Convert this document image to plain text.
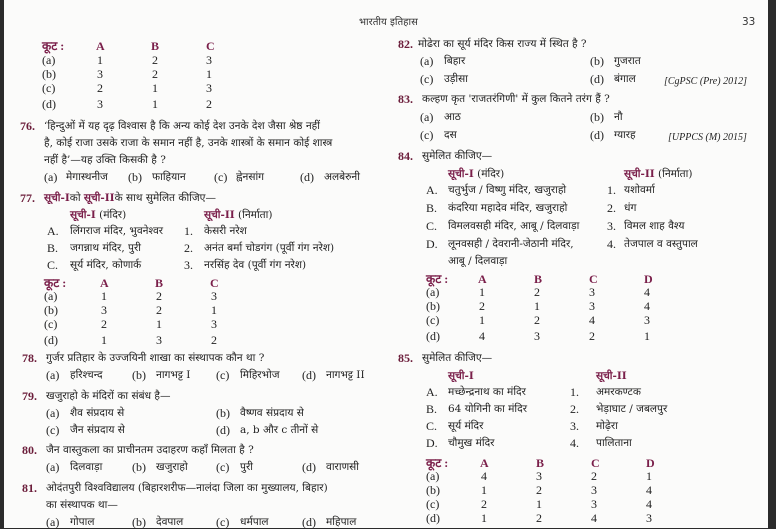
भारतीय इतिहास	33
कूट :	A	B	C
(a)	1	2	3
(b)	3	2	1
(c)	2	1	3
(d)	3	1	2
76. ‘हिन्दुओं में यह दृढ़ विश्वास है कि अन्य कोई देश उनके देश जैसा श्रेष्ठ नहीं
है, कोई राजा उसके राजा के समान नहीं है, उनके शास्त्रों के समान कोई शास्त्र
नहीं है’—यह उक्ति किसकी है ?
(a) मेगास्थनीज (b) फाहियान (c) ह्वेनसांग	(d) अलबेरुनी
77. सूची-Iको सूची-IIके साथ सुमेलित कीजिए—
सूची-I (मंदिर)	सूची-II (निर्माता)
A. लिंगराज मंदिर, भुवनेश्वर 1. केसरी नरेश
B. जगन्नाथ मंदिर, पुरी	2. अनंत बर्मा चोडगंग (पूर्वी गंग नरेश)
C. सूर्य मंदिर, कोणार्क	3. नरसिंह देव (पूर्वी गंग नरेश)
कूट :	A	B	C
(a)	1	2	3
(b)	3	2	1
(c)	2	1	3
(d)	1	3	2
78. गुर्जर प्रतिहार के उज्जयिनी शाखा का संस्थापक कौन था ?
(a) हरिश्चन्द (b) नागभट्ट I (c) मिहिरभोज (d) नागभट्ट II
79. खजुराहो के मंदिरों का संबंध है—
(a) शैव संप्रदाय से	(b) वैष्णव संप्रदाय से
(c) जैन संप्रदाय से	(d) a, b और c तीनों से
80. जैन वास्तुकला का प्राचीनतम उदाहरण कहाँ मिलता है ?
(a) दिलवाड़ा (b) खजुराहो (c) पुरी	(d) वाराणसी
81. ओदंतपुरी विश्वविद्यालय (बिहारशरीफ—नालंदा जिला का मुख्यालय, बिहार)
का संस्थापक था—
(a) गोपाल	(b) देवपाल	(c) धर्मपाल	(d) महिपाल
82. मोढेरा का सूर्य मंदिर किस राज्य में स्थित है ?
(a) बिहार	(b) गुजरात
(c) उड़ीसा	(d) बंगाल	[CgPSC (Pre) 2012]
83. कल्हण कृत 'राजतरंगिणी' में कुल कितने तरंग हैं ?
(a) आठ	(b) नौ
(c) दस	(d) ग्यारह	[UPPCS (M) 2015]
84. सुमेलित कीजिए—
सूची-I (मंदिर)	सूची-II (निर्माता)
A. चतुर्भुज / विष्णु मंदिर, खजुराहो	1. यशोवर्मा
B. कंदरिया महादेव मंदिर, खजुराहो	2. धंग
C. विमलवसही मंदिर, आबू / दिलवाड़ा 3. विमल शाह वैश्य
D. लूनवसही / देवरानी-जेठानी मंदिर,	4. तेजपाल व वस्तुपाल
आबू / दिलवाड़ा
कूट : A	B	C	D
(a)	1	2	3	4
(b)	2	1	3	4
(c)	1	2	4	3
(d)	4	3	2	1
85. सुमेलित कीजिए—
सूची-I	सूची-II
A. मच्छेन्द्रनाथ का मंदिर	1. अमरकण्टक
B. 64 योगिनी का मंदिर	2. भेड़ाघाट / जबलपुर
C. सूर्य मंदिर	3. मोढ़ेरा
D. चौमुख मंदिर	4. पालिताना
कूट :	A	B	C	D
(a)	4	3	2	1
(b)	1	2	3	4
(c)	2	1	3	4
(d)	1	2	4	3
